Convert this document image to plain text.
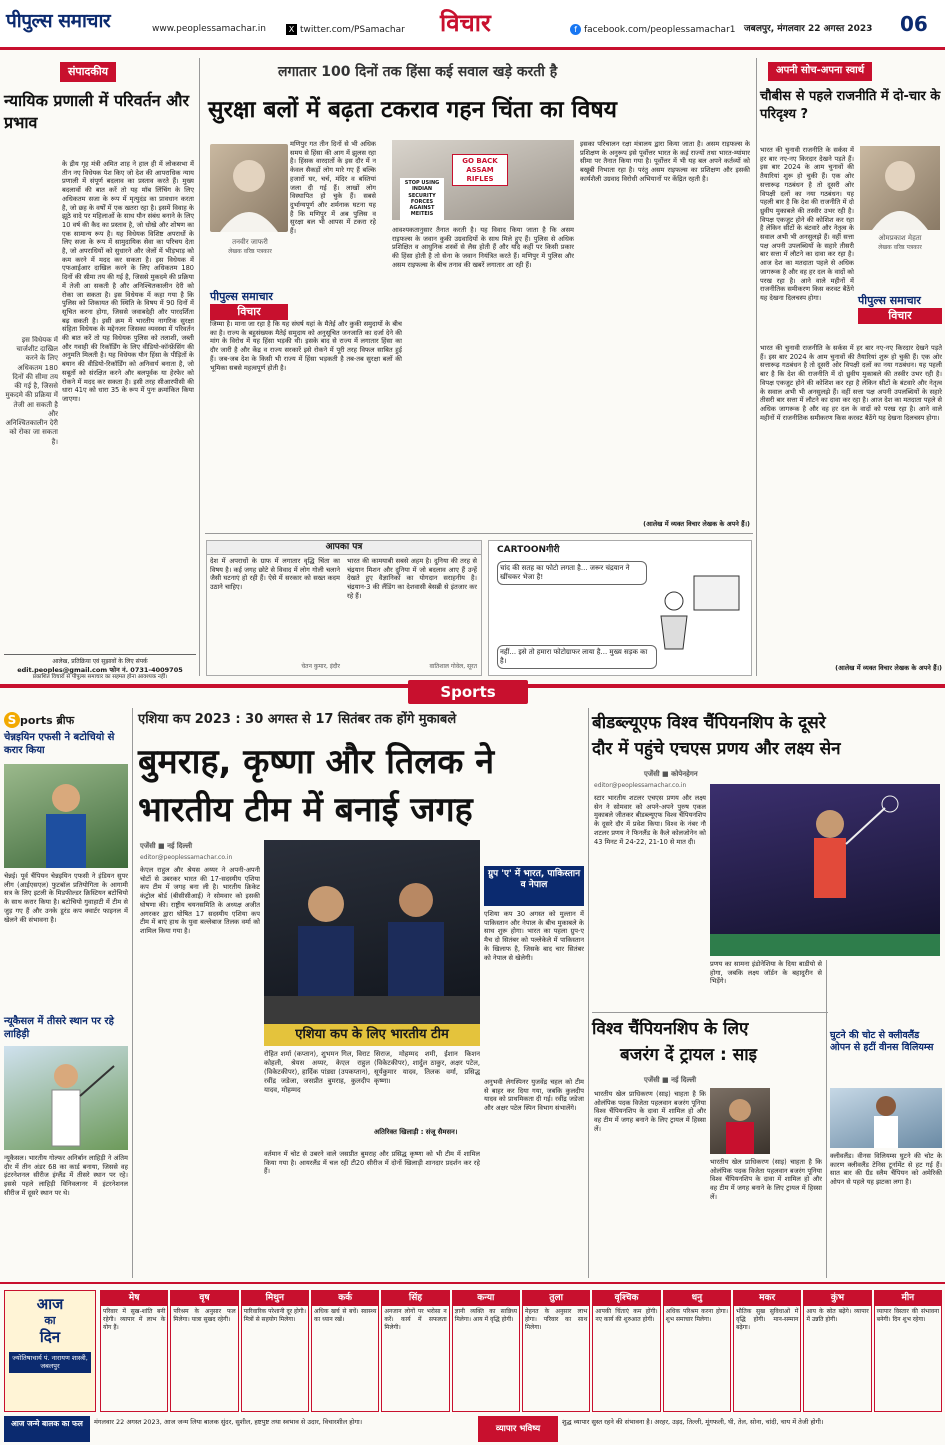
पीपुल्स समाचार	www.peoplessamachar.in	X twitter.com/PSamachar विचार	f facebook.com/peoplessamachar1 जबलपुर, मंगलवार 22 अगस्त 2023 06
संपादकीय
न्यायिक प्रणाली में परिवर्तन और प्रभाव
के द्रीय गृह मंत्री अमित शाह ने हाल ही में लोकसभा में तीन नए विधेयक पेश किए जो देश की आपराधिक न्याय प्रणाली में संपूर्ण बदलाव का प्रस्ताव करते हैं। मुख्य बदलावों की बात करें तो यह मॉब लिंचिंग के लिए अधिकतम सजा के रूप में मृत्युदंड का प्रावधान करता है, जो छह के वर्षों में एक खतरा रहा है। इसमें विवाह के झूठे वादे पर महिलाओं के साथ यौन संबंध बनाने के लिए 10 वर्ष की कैद का प्रस्ताव है, जो धोखे और शोषण का एक सामान्य रूप है। यह विधेयक विशिष्ट अपराधों के लिए सजा के रूप में सामुदायिक सेवा का परिचय देता है, जो अपराधियों को सुधारने और जेलों में भीड़भाड़ को कम करने में मदद कर सकता है। इस विधेयक में एफआईआर दाखिल करने के लिए अधिकतम 180 दिनों की सीमा तय की गई है, जिससे मुकदमे की प्रक्रिया में तेजी आ सकती है और अनिश्चितकालीन देरी को रोका जा सकता है। इस विधेयक में कहा गया है कि पुलिस को शिकायत की स्थिति के विषय में 90 दिनों में सूचित करना होगा, जिससे जवाबदेही और पारदर्शिता बढ़ सकती है। इसी क्रम में भारतीय नागरिक सुरक्षा संहिता विधेयक के मद्देनजर जिसका व्यवस्था में परिवर्तन की बात करें तो यह विधेयक पुलिस को तलाशी, जब्ती और गवाही की रिकॉर्डिंग के लिए वीडियो-कॉन्फ्रेंसिंग की अनुमति मिलती है। यह विधेयक यौन हिंसा के पीड़ितों के बयान की वीडियो-रिकॉर्डिंग को अनिवार्य बनाता है, जो सबूतों को संरक्षित करने और बलपूर्वक या हेरफेर को रोकने में मदद कर सकता है। इसी तरह सीआरपीसी की धारा 41ए को धारा 35 के रूप में पुनः क्रमांकित किया जाएगा।
इस विधेयक में चार्जशीट दाखिल करने के लिए अधिकतम 180 दिनों की सीमा तय की गई है, जिससे मुकदमे की प्रक्रिया में तेजी आ सकती है और अनिश्चितकालीन देरी को रोका जा सकता है।
आलेख, प्रतिक्रिया एवं सुझावों के लिए संपर्क
edit.peoples@gmail.com फोन नं. 0731-4009705
प्रकाशित विचारों से पीपुल्स समाचार का सहमत होना आवश्यक नहीं।
लगातार 100 दिनों तक हिंसा कई सवाल खड़े करती है
सुरक्षा बलों में बढ़ता टकराव गहन चिंता का विषय
तनवीर जाफरी
लेखक वरिष्ठ पत्रकार
पीपुल्स समाचार
विचार
मणिपुर गत तीन दिनों से भी अधिक समय से हिंसा की आग में झुलस रहा है। हिंसक वारदातों के इस दौर में न केवल सैकड़ों लोग मारे गए हैं बल्कि हजारों घर, चर्च, मंदिर व बस्तियां जला दी गई हैं। लाखों लोग विस्थापित हो चुके हैं। सबसे दुर्भाग्यपूर्ण और शर्मनाक घटना यह है कि मणिपुर में अब पुलिस व सुरक्षा बल भी आपस में टकरा रहे हैं।
जिम्मा है। माना जा रहा है कि यह संघर्ष यहां के मैतेई और कुकी समुदायों के बीच का है। राज्य के बहुसंख्यक मैतेई समुदाय को अनुसूचित जनजाति का दर्जा देने की मांग के विरोध में यह हिंसा भड़की थी। इसके बाद से राज्य में लगातार हिंसा का दौर जारी है और केंद्र व राज्य सरकारें इसे रोकने में पूरी तरह विफल साबित हुई हैं। जब-जब देश के किसी भी राज्य में हिंसा भड़कती है तब-तब सुरक्षा बलों की भूमिका सबसे महत्वपूर्ण होती है।
GO BACK ASSAM RIFLES
STOP USING INDIAN SECURITY FORCES AGAINST MEITEIS
आवश्यकतानुसार तैनात करती है। यह विवाद किया जाता है कि असम राइफल्स के जवान कुकी उग्रवादियों के साथ मिले हुए हैं। पुलिस से अधिक प्रशिक्षित व आधुनिक शस्त्रों से लैस होती हैं और यदि कहीं पर किसी प्रकार की हिंसा होती है तो सेना के जवान नियंत्रित करते हैं। मणिपुर में पुलिस और असम राइफल्स के बीच तनाव की खबरें लगातार आ रही हैं।
इसका परिचालन रक्षा मंत्रालय द्वारा किया जाता है। असम राइफल्स के प्रशिक्षण के अनुरूप इसे पूर्वोत्तर भारत के कई राज्यों तथा भारत-म्यांमार सीमा पर तैनात किया गया है। पूर्वोत्तर में भी यह बल अपने कर्तव्यों को बखूबी निभाता रहा है। परंतु असम राइफल्स का प्रशिक्षण और इसकी कार्यशैली उग्रवाद विरोधी अभियानों पर केंद्रित रहती है।
(आलेख में व्यक्त विचार लेखक के अपने हैं।)
आपका पत्र
देश में अपराधों के ग्राफ में लगातार वृद्धि चिंता का विषय है। कई जगह छोटे से विवाद में लोग गोली चलाने जैसी घटनाएं हो रही हैं। ऐसे में सरकार को सख्त कदम उठाने चाहिए।
चेतन कुमार, इंदौर
भारत की कामयाबी सबसे अहम है। दुनिया की तरह से चंद्रयान मिशन और दुनिया में जो बदलाव आए हैं उन्हें देखते हुए वैज्ञानिकों का योगदान सराहनीय है। चंद्रयान-3 की लैंडिंग का देशवासी बेसब्री से इंतजार कर रहे हैं।
वातिशाल गोवेल, सूरत
CARTOONगीरी
चांद की सतह का फोटो लगता है... जरूर चंद्रयान ने खींचकर भेजा है!
नहीं... इसे तो हमारा फोटोग्राफर लाया है... मुख्य सड़क का है।
अपनी सोच-अपना स्वार्थ
चौबीस से पहले राजनीति में दो-चार के परिदृश्य ?
ओमप्रकाश मेहता
लेखक वरिष्ठ पत्रकार
पीपुल्स समाचार
विचार
भारत की चुनावी राजनीति के सर्कस में हर बार नए-नए किरदार देखने पड़ते हैं। इस बार 2024 के आम चुनावों की तैयारियां शुरू हो चुकी हैं। एक ओर सत्तारूढ़ गठबंधन है तो दूसरी ओर विपक्षी दलों का नया गठबंधन। यह पहली बार है कि देश की राजनीति में दो ध्रुवीय मुकाबले की तस्वीर उभर रही है। विपक्ष एकजुट होने की कोशिश कर रहा है लेकिन सीटों के बंटवारे और नेतृत्व के सवाल अभी भी अनसुलझे हैं। वहीं सत्ता पक्ष अपनी उपलब्धियों के सहारे तीसरी बार सत्ता में लौटने का दावा कर रहा है। आज देश का मतदाता पहले से अधिक जागरूक है और वह हर दल के वादों को परख रहा है। आने वाले महीनों में राजनीतिक समीकरण किस करवट बैठेंगे यह देखना दिलचस्प होगा।
भारत की चुनावी राजनीति के सर्कस में हर बार नए-नए किरदार देखने पड़ते हैं। इस बार 2024 के आम चुनावों की तैयारियां शुरू हो चुकी हैं। एक ओर सत्तारूढ़ गठबंधन है तो दूसरी ओर विपक्षी दलों का नया गठबंधन। यह पहली बार है कि देश की राजनीति में दो ध्रुवीय मुकाबले की तस्वीर उभर रही है। विपक्ष एकजुट होने की कोशिश कर रहा है लेकिन सीटों के बंटवारे और नेतृत्व के सवाल अभी भी अनसुलझे हैं। वहीं सत्ता पक्ष अपनी उपलब्धियों के सहारे तीसरी बार सत्ता में लौटने का दावा कर रहा है। आज देश का मतदाता पहले से अधिक जागरूक है और वह हर दल के वादों को परख रहा है। आने वाले महीनों में राजनीतिक समीकरण किस करवट बैठेंगे यह देखना दिलचस्प होगा।
(आलेख में व्यक्त विचार लेखक के अपने हैं।)
Sports
S ports ब्रीफ
चेन्नइयिन एफसी ने बटोचियो से करार किया
चेन्नई। पूर्व चैंपियन चेन्नइयिन एफसी ने इंडियन सुपर लीग (आईएसएल) फुटबॉल प्रतियोगिता के आगामी सत्र के लिए इटली के मिडफील्डर क्रिस्टियन बटोचियो के साथ करार किया है। बटोचियो गुवाहाटी में टीम से जुड़ गए हैं और उनके डूरंड कप क्वार्टर फाइनल में खेलने की संभावना है।
न्यूकैसल में तीसरे स्थान पर रहे लाहिड़ी
न्यूकैसल। भारतीय गोल्फर अनिर्बान लाहिड़ी ने अंतिम दौर में तीन अंडर 68 का कार्ड बनाया, जिससे वह इंटरनेशनल सीरीज इंग्लैंड में तीसरे स्थान पर रहे। इससे पहले लाहिड़ी विनिवलानर में इंटरनेशनल सीरीज में दूसरे स्थान पर थे।
एशिया कप 2023 : 30 अगस्त से 17 सितंबर तक होंगे मुकाबले
बुमराह, कृष्णा और तिलक ने
भारतीय टीम में बनाई जगह
एजेंसी ■ नई दिल्ली
editor@peoplessamachar.co.in
केएल राहुल और श्रेयस अय्यर ने अपनी-अपनी चोटों से उबरकर भारत की 17-सदस्यीय एशिया कप टीम में जगह बना ली है। भारतीय क्रिकेट कंट्रोल बोर्ड (बीसीसीआई) ने सोमवार को इसकी घोषणा की। राष्ट्रीय चयनसमिति के अध्यक्ष अजीत अगरकर द्वारा घोषित 17 सदस्यीय एशिया कप टीम में बाएं हाथ के युवा बल्लेबाज तिलक वर्मा को शामिल किया गया है।
एशिया कप के लिए भारतीय टीम
रोहित शर्मा (कप्तान), शुभमन गिल, विराट कोहली, श्रेयस अय्यर, केएल राहुल (विकेटकीपर), हार्दिक पांड्या (उपकप्तान), रवींद्र जडेजा, जसप्रीत बुमराह, कुलदीप यादव, मोहम्मद
सिराज, मोहम्मद शमी, ईशान किशन (विकेटकीपर), शार्दुल ठाकुर, अक्षर पटेल, सूर्यकुमार यादव, तिलक वर्मा, प्रसिद्ध कृष्णा।
अतिरिक्त खिलाड़ी : संजू सैमसन।
वर्तमान में चोट से उबरने वाले जसप्रीत बुमराह और प्रसिद्ध कृष्णा को भी टीम में शामिल किया गया है। आयरलैंड में चल रही टी20 सीरीज में दोनों खिलाड़ी शानदार प्रदर्शन कर रहे हैं।
ग्रुप 'ए' में भारत, पाकिस्तान व नेपाल
एशिया कप 30 अगस्त को मुल्तान में पाकिस्तान और नेपाल के बीच मुकाबले के साथ शुरू होगा। भारत का पहला ग्रुप-ए मैच दो सितंबर को पल्लेकेले में पाकिस्तान के खिलाफ है, जिसके बाद चार सितंबर को नेपाल से खेलेगी।
अनुभवी लेगस्पिनर युजवेंद्र चहल को टीम से बाहर कर दिया गया, जबकि कुलदीप यादव को प्राथमिकता दी गई। रवींद्र जडेजा और अक्षर पटेल स्पिन विभाग संभालेंगे।
बीडब्ल्यूएफ विश्व चैंपियनशिप के दूसरे
दौर में पहुंचे एचएस प्रणय और लक्ष्य सेन
एजेंसी ■ कोपेनहेगन
editor@peoplessamachar.co.in
स्टार भारतीय शटलर एचएस प्रणय और लक्ष्य सेन ने सोमवार को अपने-अपने पुरुष एकल मुकाबले जीतकर बीडब्ल्यूएफ विश्व चैंपियनशिप के दूसरे दौर में प्रवेश किया। विश्व के नंबर नौ शटलर प्रणय ने फिनलैंड के कैले कोलजोनेन को 43 मिनट में 24-22, 21-10 से मात दी।
प्रणय का सामना इंडोनेशिया के दिया बाडीयो से होगा, जबकि लक्ष्य जॉर्डन के बहादुरीन से भिड़ेंगे।
विश्व चैंपियनशिप के लिए
बजरंग दें ट्रायल : साइ
एजेंसी ■ नई दिल्ली
भारतीय खेल प्राधिकरण (साइ) चाहता है कि ओलंपिक पदक विजेता पहलवान बजरंग पूनिया विश्व चैंपियनशिप के दावा में शामिल हो और वह टीम में जगह बनाने के लिए ट्रायल में हिस्सा लें।
भारतीय खेल प्राधिकरण (साइ) चाहता है कि ओलंपिक पदक विजेता पहलवान बजरंग पूनिया विश्व चैंपियनशिप के दावा में शामिल हो और वह टीम में जगह बनाने के लिए ट्रायल में हिस्सा लें।
घुटने की चोट से क्लीवलैंड ओपन से हटीं वीनस विलियम्स
क्लीवलैंड। वीनस विलियम्स घुटने की चोट के कारण क्लीवलैंड टेनिस टूर्नामेंट से हट गई हैं। सात बार की ग्रैंड स्लैम चैंपियन को अमेरिकी ओपन से पहले यह झटका लगा है।
आज
का
दिन
ज्योतिषाचार्य पं. नारायण शास्त्री, जबलपुर
मेष
परिवार में सुख-शांति बनी रहेगी। व्यापार में लाभ के योग हैं।
वृष
परिश्रम के अनुसार फल मिलेगा। यात्रा सुखद रहेगी।
मिथुन
पारिवारिक परेशानी दूर होगी। मित्रों से सहयोग मिलेगा।
कर्क
अधिक खर्च से बचें। स्वास्थ्य का ध्यान रखें।
सिंह
अनजान लोगों पर भरोसा न करें। कार्य में सफलता मिलेगी।
कन्या
ज्ञानी व्यक्ति का सान्निध्य मिलेगा। आय में वृद्धि होगी।
तुला
मेहनत के अनुसार लाभ होगा। परिवार का साथ मिलेगा।
वृश्चिक
आपकी चिंताएं कम होंगी। नए कार्य की शुरुआत होगी।
धनु
अधिक परिश्रम करना होगा। शुभ समाचार मिलेगा।
मकर
भौतिक सुख सुविधाओं में वृद्धि होगी। मान-सम्मान बढ़ेगा।
कुंभ
आय के स्रोत बढ़ेंगे। व्यापार में उन्नति होगी।
मीन
व्यापार विस्तार की संभावना बनेगी। दिन शुभ रहेगा।
आज जन्मे बालक का फल	मंगलवार 22 अगस्त 2023, आज जन्म लिया बालक सुंदर, सुशील, हष्टपुष्ट तथा स्वभाव से उदार, विचारशील होगा।
व्यापार भविष्य
शुद्ध व्यापार सुस्त रहने की संभावना है। अरहर, उड़द, तिल्ली, मूंगफली, घी, तेल, सोना, चांदी, चाय में तेजी होगी।
